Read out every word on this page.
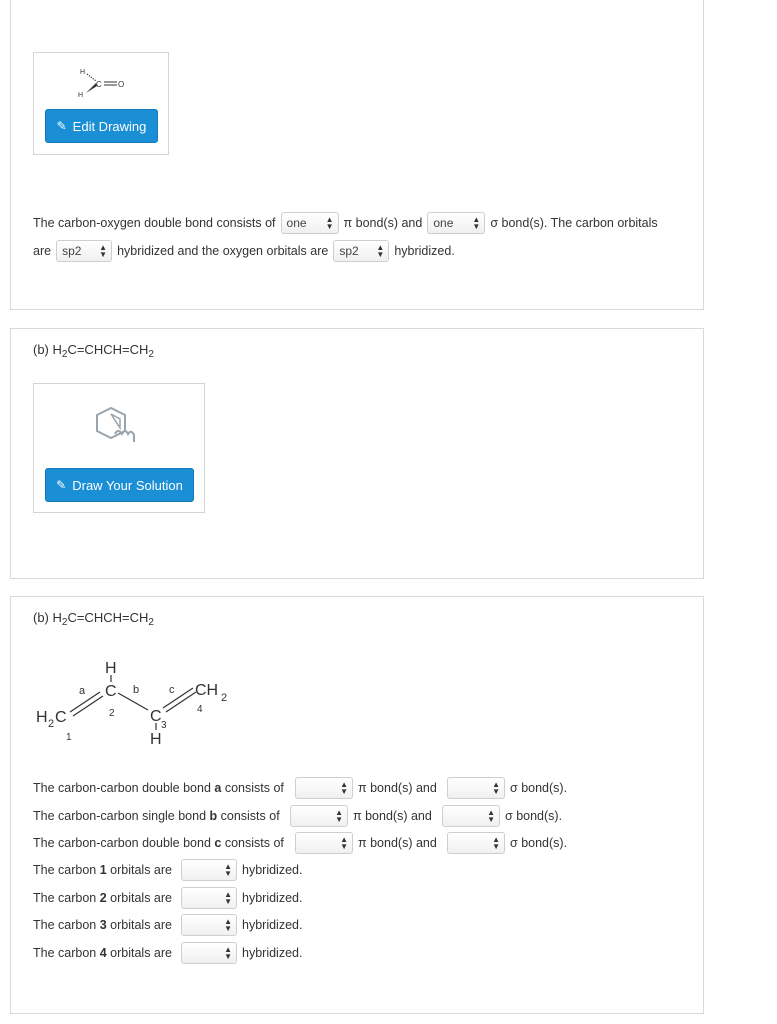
H
H
C O
✎ Edit Drawing
The carbon-oxygen double bond consists of one ▲
▼ π bond(s) and one ▲
▼ σ bond(s). The carbon orbitals
are sp2 ▲
▼ hybridized and the oxygen orbitals are sp2 ▲
▼ hybridized.
(b) $H_2C=CHCH=CH_2$
✎ Draw Your Solution
(b) $H_2C=CHCH=CH_2$
H 2 C
1
a
H
C
2
b
C
3
H
c CH 2
4
The carbon-carbon double bond a consists of	▲
▼ π bond(s) and	▲
▼ σ bond(s).
The carbon-carbon single bond b consists of	▲
▼ π bond(s) and	▲
▼ σ bond(s).
The carbon-carbon double bond c consists of	▲
▼ π bond(s) and	▲
▼ σ bond(s).
The carbon 1 orbitals are	▲
▼ hybridized.
The carbon 2 orbitals are	▲
▼ hybridized.
The carbon 3 orbitals are	▲
▼ hybridized.
The carbon 4 orbitals are	▲
▼ hybridized.
